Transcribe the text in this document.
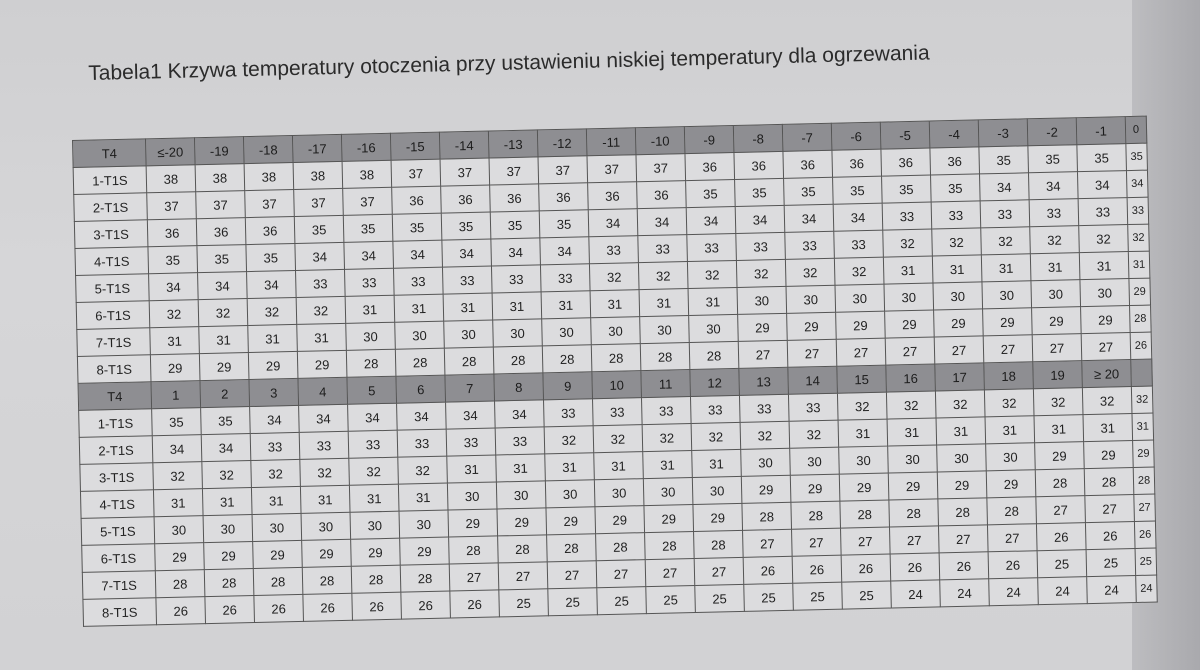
Tabela1 Krzywa temperatury otoczenia przy ustawieniu niskiej temperatury dla ogrzewania
T4	≤-20	-19	-18	-17	-16	-15	-14	-13	-12	-11	-10	-9	-8	-7	-6	-5	-4	-3	-2	-1	0
1-T1S	38	38	38	38	38	37	37	37	37	37	37	36	36	36	36	36	36	35	35	35	35
2-T1S	37	37	37	37	37	36	36	36	36	36	36	35	35	35	35	35	35	34	34	34	34
3-T1S	36	36	36	35	35	35	35	35	35	34	34	34	34	34	34	33	33	33	33	33	33
4-T1S	35	35	35	34	34	34	34	34	34	33	33	33	33	33	33	32	32	32	32	32	32
5-T1S	34	34	34	33	33	33	33	33	33	32	32	32	32	32	32	31	31	31	31	31	31
6-T1S	32	32	32	32	31	31	31	31	31	31	31	31	30	30	30	30	30	30	30	30	29
7-T1S	31	31	31	31	30	30	30	30	30	30	30	30	29	29	29	29	29	29	29	29	28
8-T1S	29	29	29	29	28	28	28	28	28	28	28	28	27	27	27	27	27	27	27	27	26
T4	1	2	3	4	5	6	7	8	9	10	11	12	13	14	15	16	17	18	19	≥ 20	
1-T1S	35	35	34	34	34	34	34	34	33	33	33	33	33	33	32	32	32	32	32	32	32
2-T1S	34	34	33	33	33	33	33	33	32	32	32	32	32	32	31	31	31	31	31	31	31
3-T1S	32	32	32	32	32	32	31	31	31	31	31	31	30	30	30	30	30	30	29	29	29
4-T1S	31	31	31	31	31	31	30	30	30	30	30	30	29	29	29	29	29	29	28	28	28
5-T1S	30	30	30	30	30	30	29	29	29	29	29	29	28	28	28	28	28	28	27	27	27
6-T1S	29	29	29	29	29	29	28	28	28	28	28	28	27	27	27	27	27	27	26	26	26
7-T1S	28	28	28	28	28	28	27	27	27	27	27	27	26	26	26	26	26	26	25	25	25
8-T1S	26	26	26	26	26	26	26	25	25	25	25	25	25	25	25	24	24	24	24	24	24
